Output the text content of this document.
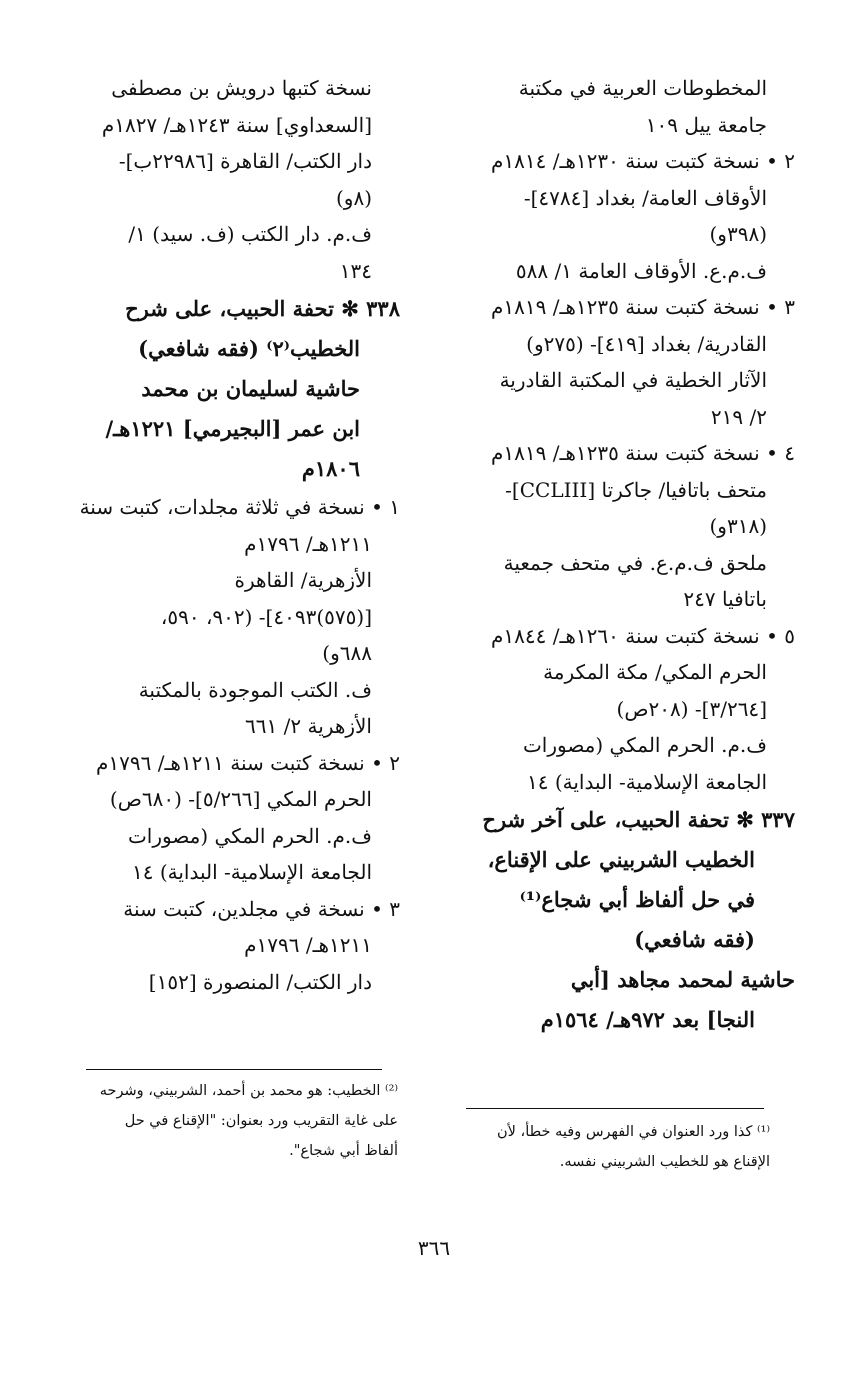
المخطوطات العربية في مكتبة
جامعة ييل ١٠٩
٢ • نسخة كتبت سنة ١٢٣٠هـ/ ١٨١٤م
الأوقاف العامة/ بغداد [٤٧٨٤]-
(٣٩٨و)
ف.م.ع. الأوقاف العامة ١/ ٥٨٨
٣ • نسخة كتبت سنة ١٢٣٥هـ/ ١٨١٩م
القادرية/ بغداد [٤١٩]- (٢٧٥و)
الآثار الخطية في المكتبة القادرية
٢/ ٢١٩
٤ • نسخة كتبت سنة ١٢٣٥هـ/ ١٨١٩م
متحف باتافيا/ جاكرتا [CCLIII]-
(٣١٨و)
ملحق ف.م.ع. في متحف جمعية
باتافيا ٢٤٧
٥ • نسخة كتبت سنة ١٢٦٠هـ/ ١٨٤٤م
الحرم المكي/ مكة المكرمة
[٣/٢٦٤]- (٢٠٨ص)
ف.م. الحرم المكي (مصورات
الجامعة الإسلامية- البداية) ١٤
٣٣٧ ✻ تحفة الحبيب، على آخر شرح
الخطيب الشربيني على الإقناع،
في حل ألفاظ أبي شجاع⁽¹⁾
(فقه شافعي)
حاشية لمحمد مجاهد [أبي
النجا] بعد ٩٧٢هـ/ ١٥٦٤م
نسخة كتبها درويش بن مصطفى
[السعداوي] سنة ١٢٤٣هـ/ ١٨٢٧م
دار الكتب/ القاهرة [٢٢٩٨٦ب]-
(٨و)
ف.م. دار الكتب (ف. سيد) ١/
١٣٤
٣٣٨ ✻ تحفة الحبيب، على شرح
الخطيب⁽٢⁾ (فقه شافعي)
حاشية لسليمان بن محمد
ابن عمر [البجيرمي] ١٢٢١هـ/
١٨٠٦م
١ • نسخة في ثلاثة مجلدات، كتبت سنة
١٢١١هـ/ ١٧٩٦م
الأزهرية/ القاهرة
[(٥٧٥)٤٠٩٣]- (٩٠٢، ٥٩٠،
٦٨٨و)
ف. الكتب الموجودة بالمكتبة
الأزهرية ٢/ ٦٦١
٢ • نسخة كتبت سنة ١٢١١هـ/ ١٧٩٦م
الحرم المكي [٥/٢٦٦]- (٦٨٠ص)
ف.م. الحرم المكي (مصورات
الجامعة الإسلامية- البداية) ١٤
٣ • نسخة في مجلدين، كتبت سنة
١٢١١هـ/ ١٧٩٦م
دار الكتب/ المنصورة [١٥٢]
⁽²⁾ الخطيب: هو محمد بن أحمد، الشربيني، وشرحه
على غاية التقريب ورد بعنوان: "الإقناع في حل
ألفاظ أبي شجاع".
⁽¹⁾ كذا ورد العنوان في الفهرس وفيه خطأ، لأن
الإقناع هو للخطيب الشربيني نفسه.
٣٦٦
